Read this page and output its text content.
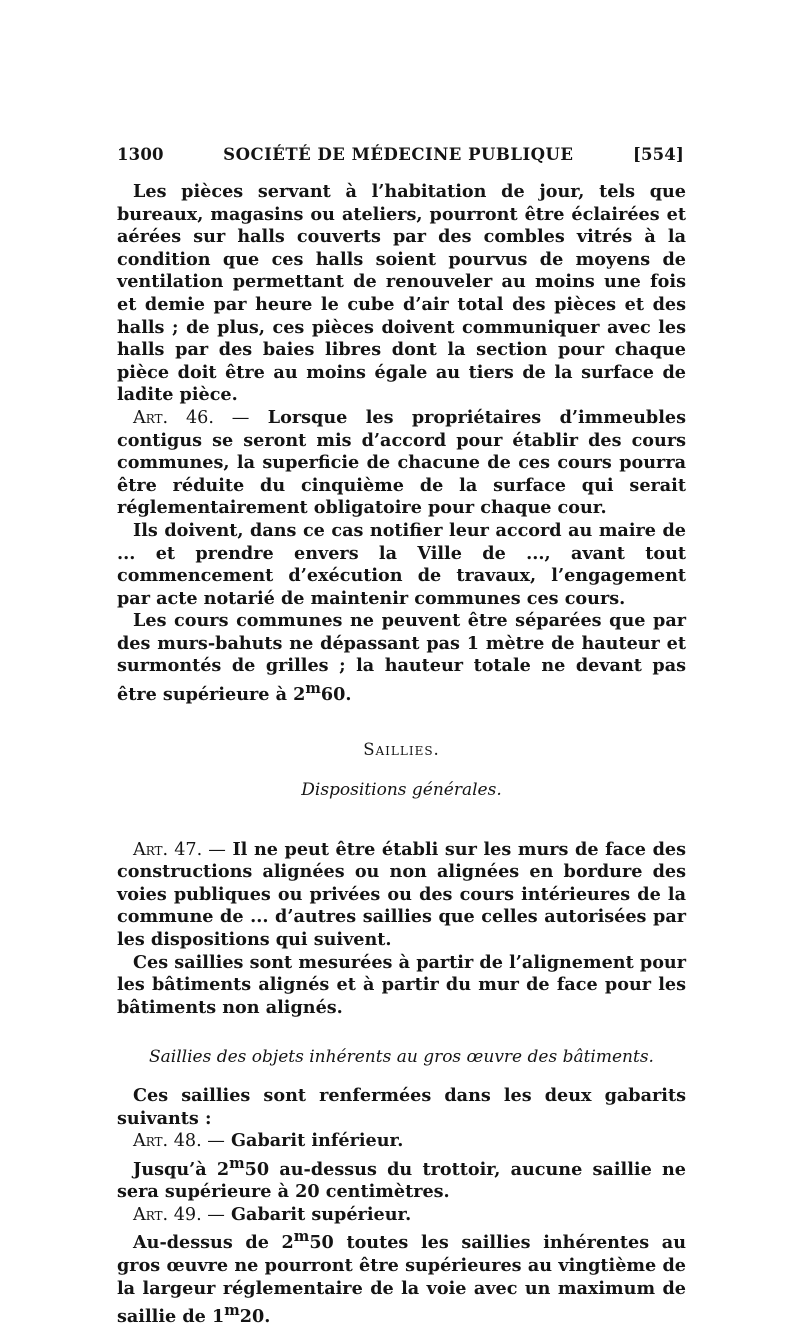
1300	SOCIÉTÉ DE MÉDECINE PUBLIQUE	[554]

Les pièces servant à l’habitation de jour, tels que bureaux, magasins ou ateliers, pourront être éclairées et aérées sur halls couverts par des combles vitrés à la condition que ces halls soient pourvus de moyens de ventilation permettant de renouveler au moins une fois et demie par heure le cube d’air total des pièces et des halls ; de plus, ces pièces doivent communiquer avec les halls par des baies libres dont la section pour chaque pièce doit être au moins égale au tiers de la surface de ladite pièce.

Art. 46. — Lorsque les propriétaires d’immeubles contigus se seront mis d’accord pour établir des cours communes, la superficie de chacune de ces cours pourra être réduite du cinquième de la surface qui serait réglementairement obligatoire pour chaque cour.

Ils doivent, dans ce cas notifier leur accord au maire de ... et prendre envers la Ville de ..., avant tout commencement d’exécution de travaux, l’engagement par acte notarié de maintenir communes ces cours.

Les cours communes ne peuvent être séparées que par des murs-bahuts ne dépassant pas 1 mètre de hauteur et surmontés de grilles ; la hauteur totale ne devant pas être supérieure à 2$^m$60.

Saillies.

Dispositions générales.

Art. 47. — Il ne peut être établi sur les murs de face des constructions alignées ou non alignées en bordure des voies publiques ou privées ou des cours intérieures de la commune de ... d’autres saillies que celles autorisées par les dispositions qui suivent.

Ces saillies sont mesurées à partir de l’alignement pour les bâtiments alignés et à partir du mur de face pour les bâtiments non alignés.

Saillies des objets inhérents au gros œuvre des bâtiments.

Ces saillies sont renfermées dans les deux gabarits suivants :

Art. 48. — Gabarit inférieur.

Jusqu’à 2$^m$50 au-dessus du trottoir, aucune saillie ne sera supérieure à 20 centimètres.

Art. 49. — Gabarit supérieur.

Au-dessus de 2$^m$50 toutes les saillies inhérentes au gros œuvre ne pourront être supérieures au vingtième de la largeur réglementaire de la voie avec un maximum de saillie de 1$^m$20.
